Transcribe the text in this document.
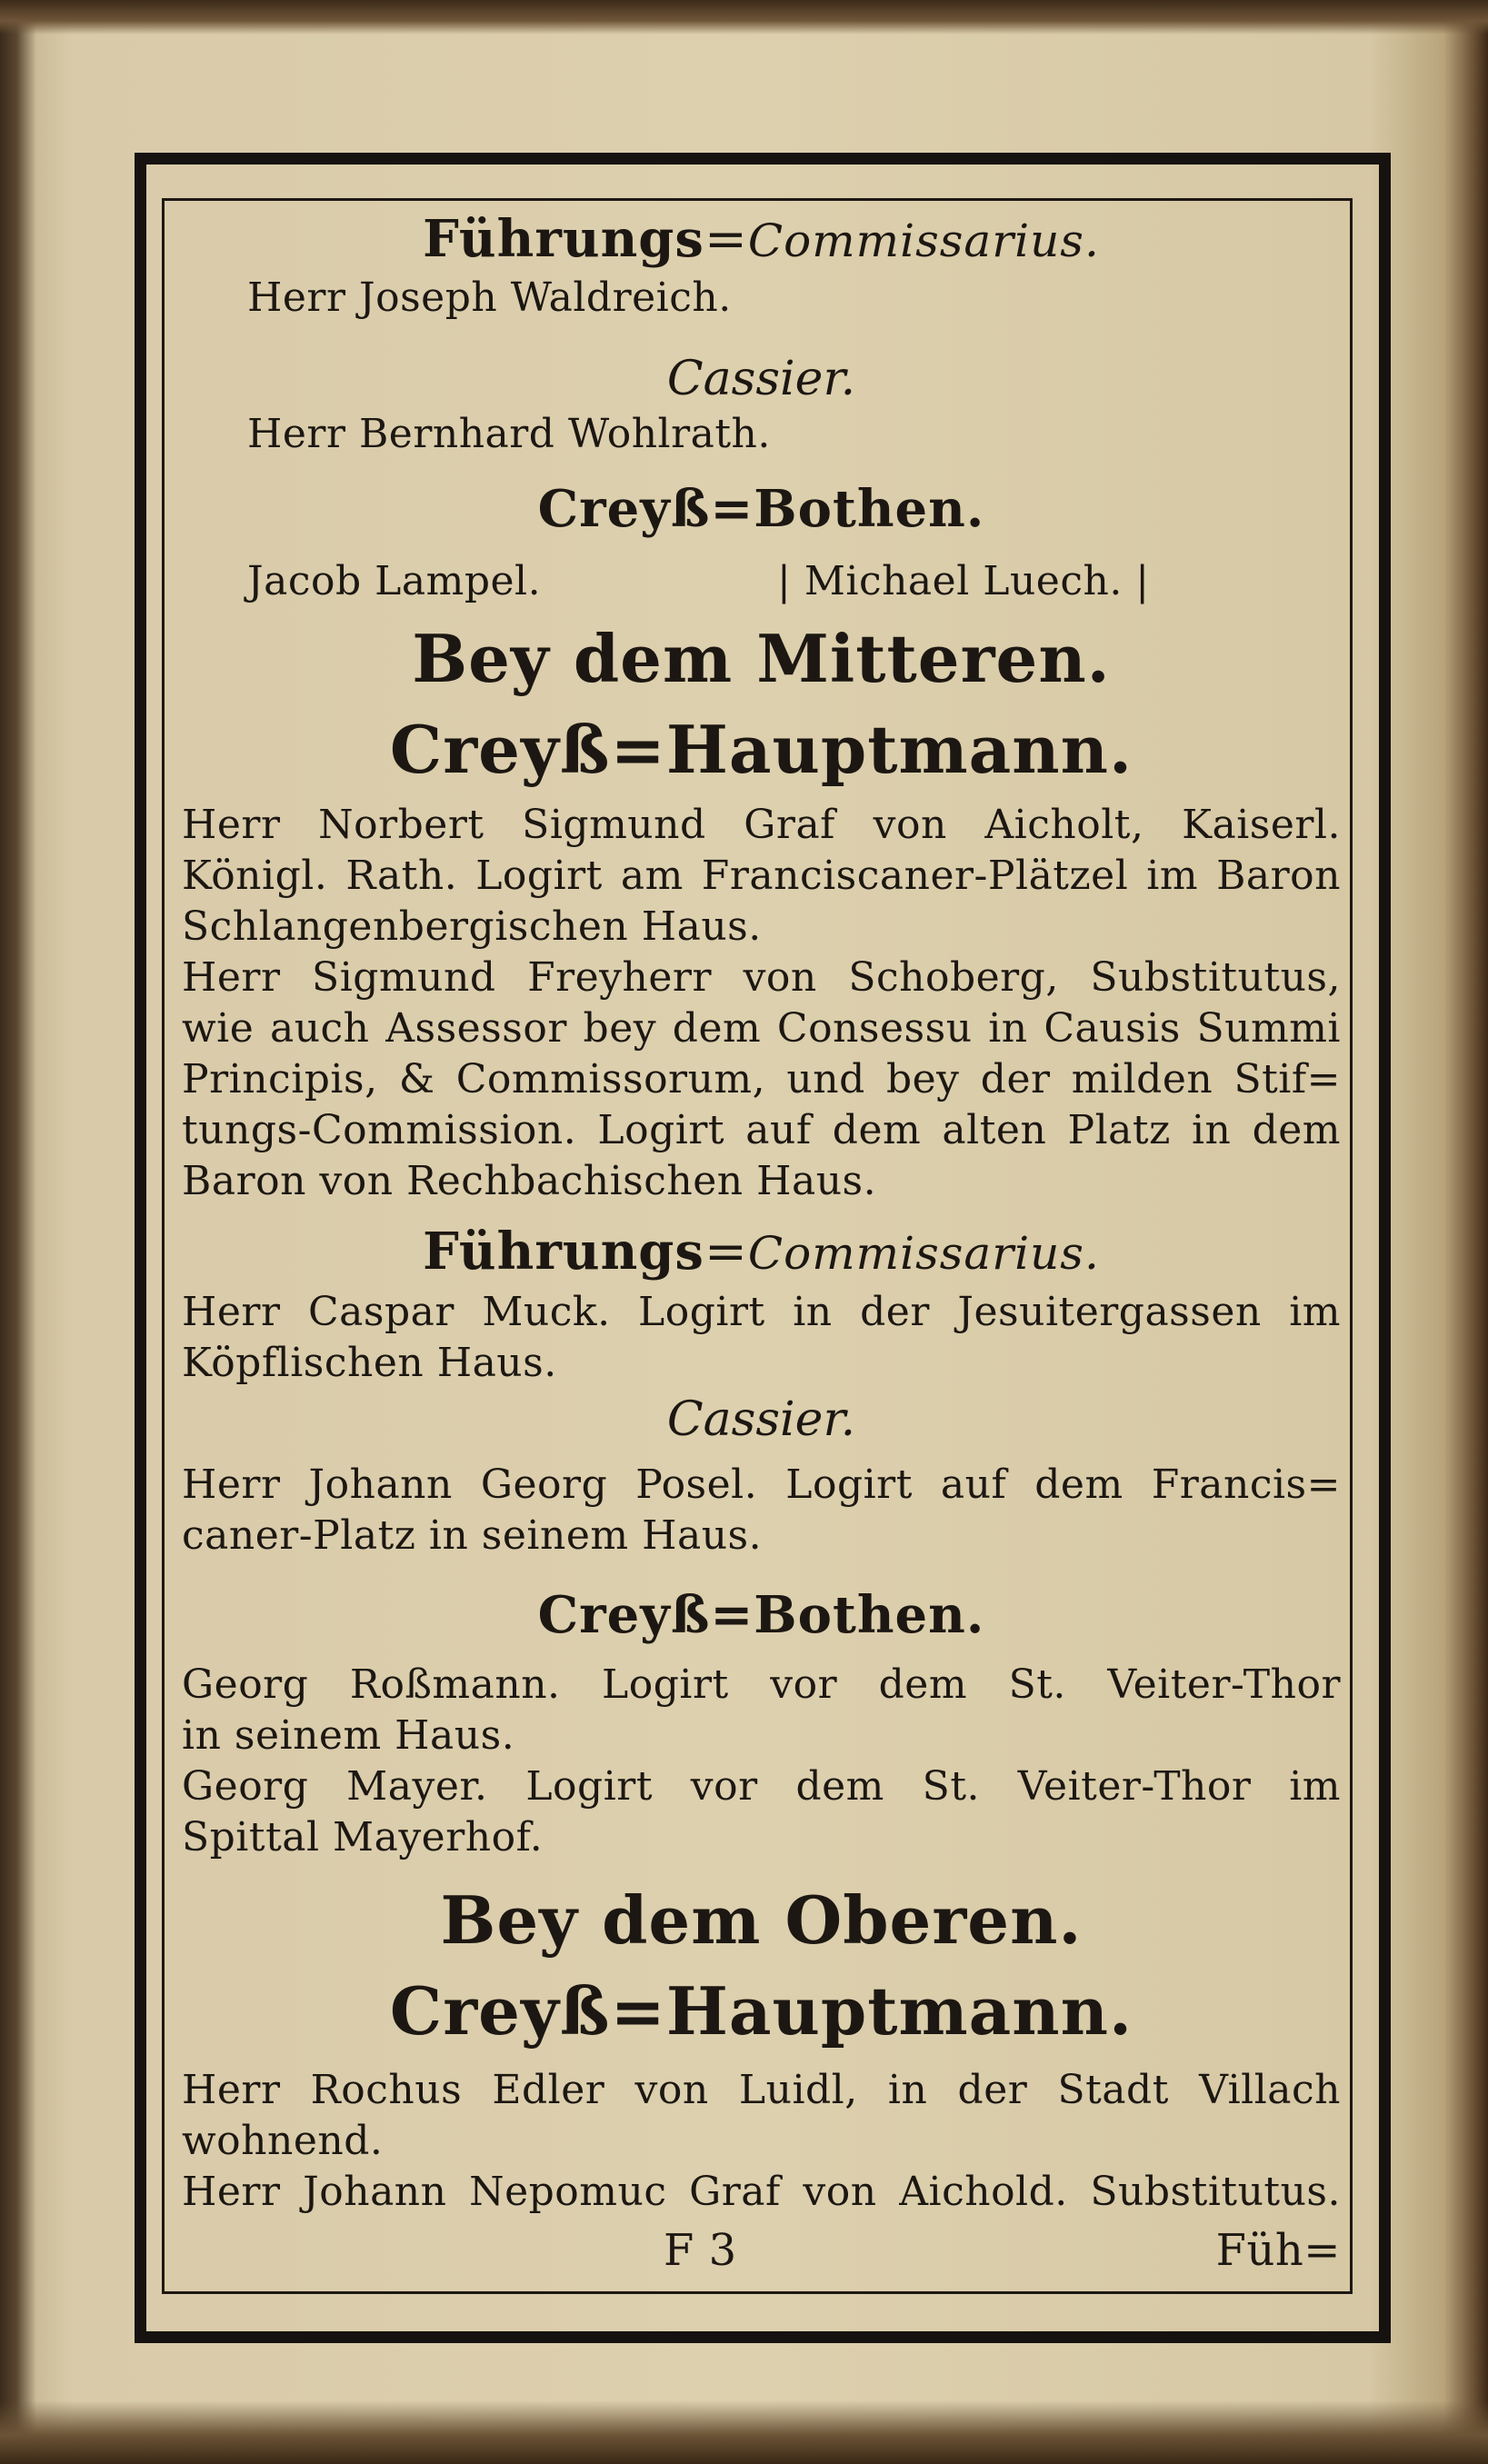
Führungs=Commissarius.
Herr Joseph Waldreich.
Cassier.
Herr Bernhard Wohlrath.
Creyß=Bothen.
Jacob Lampel.	| Michael Luech. |
Bey dem Mitteren.
Creyß=Hauptmann.
Herr Norbert Sigmund Graf von Aicholt, Kaiserl.
Königl. Rath. Logirt am Franciscaner-Plätzel im Baron
Schlangenbergischen Haus.
Herr Sigmund Freyherr von Schoberg, Substitutus,
wie auch Assessor bey dem Consessu in Causis Summi
Principis, & Commissorum, und bey der milden Stif=
tungs-Commission. Logirt auf dem alten Platz in dem
Baron von Rechbachischen Haus.
Führungs=Commissarius.
Herr Caspar Muck. Logirt in der Jesuitergassen im
Köpflischen Haus.
Cassier.
Herr Johann Georg Posel. Logirt auf dem Francis=
caner-Platz in seinem Haus.
Creyß=Bothen.
Georg Roßmann. Logirt vor dem St. Veiter-Thor
in seinem Haus.
Georg Mayer. Logirt vor dem St. Veiter-Thor im
Spittal Mayerhof.
Bey dem Oberen.
Creyß=Hauptmann.
Herr Rochus Edler von Luidl, in der Stadt Villach
wohnend.
Herr Johann Nepomuc Graf von Aichold. Substitutus.
F 3	Füh=
